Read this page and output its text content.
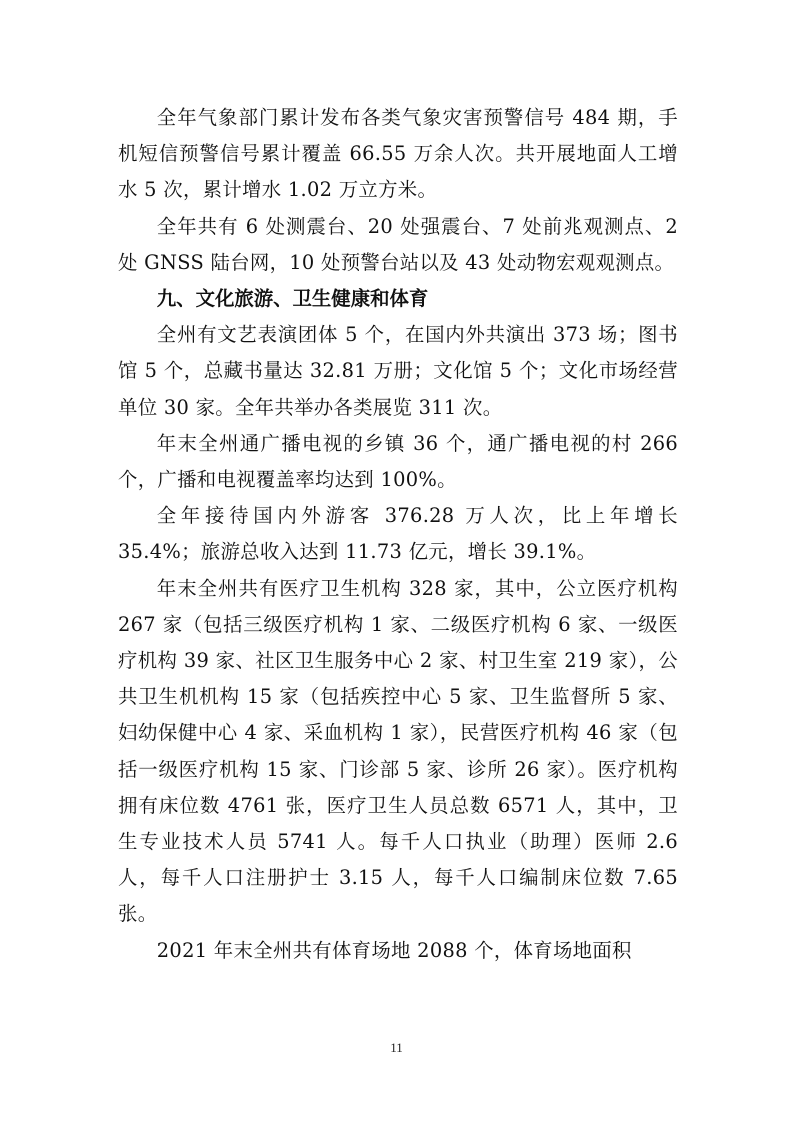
全年气象部门累计发布各类气象灾害预警信号 484 期，手机短信预警信号累计覆盖 66.55 万余人次。共开展地面人工增水 5 次，累计增水 1.02 万立方米。

全年共有 6 处测震台、20 处强震台、7 处前兆观测点、2 处 GNSS 陆台网，10 处预警台站以及 43 处动物宏观观测点。

九、文化旅游、卫生健康和体育

全州有文艺表演团体 5 个，在国内外共演出 373 场；图书馆 5 个，总藏书量达 32.81 万册；文化馆 5 个；文化市场经营单位 30 家。全年共举办各类展览 311 次。

年末全州通广播电视的乡镇 36 个，通广播电视的村 266 个，广播和电视覆盖率均达到 100%。

全年接待国内外游客 376.28 万人次，比上年增长 35.4%；旅游总收入达到 11.73 亿元，增长 39.1%。

年末全州共有医疗卫生机构 328 家，其中，公立医疗机构 267 家（包括三级医疗机构 1 家、二级医疗机构 6 家、一级医疗机构 39 家、社区卫生服务中心 2 家、村卫生室 219 家），公共卫生机机构 15 家（包括疾控中心 5 家、卫生监督所 5 家、妇幼保健中心 4 家、采血机构 1 家），民营医疗机构 46 家（包括一级医疗机构 15 家、门诊部 5 家、诊所 26 家）。医疗机构拥有床位数 4761 张，医疗卫生人员总数 6571 人，其中，卫生专业技术人员 5741 人。每千人口执业（助理）医师 2.6 人，每千人口注册护士 3.15 人，每千人口编制床位数 7.65 张。

2021 年末全州共有体育场地 2088 个，体育场地面积

11
